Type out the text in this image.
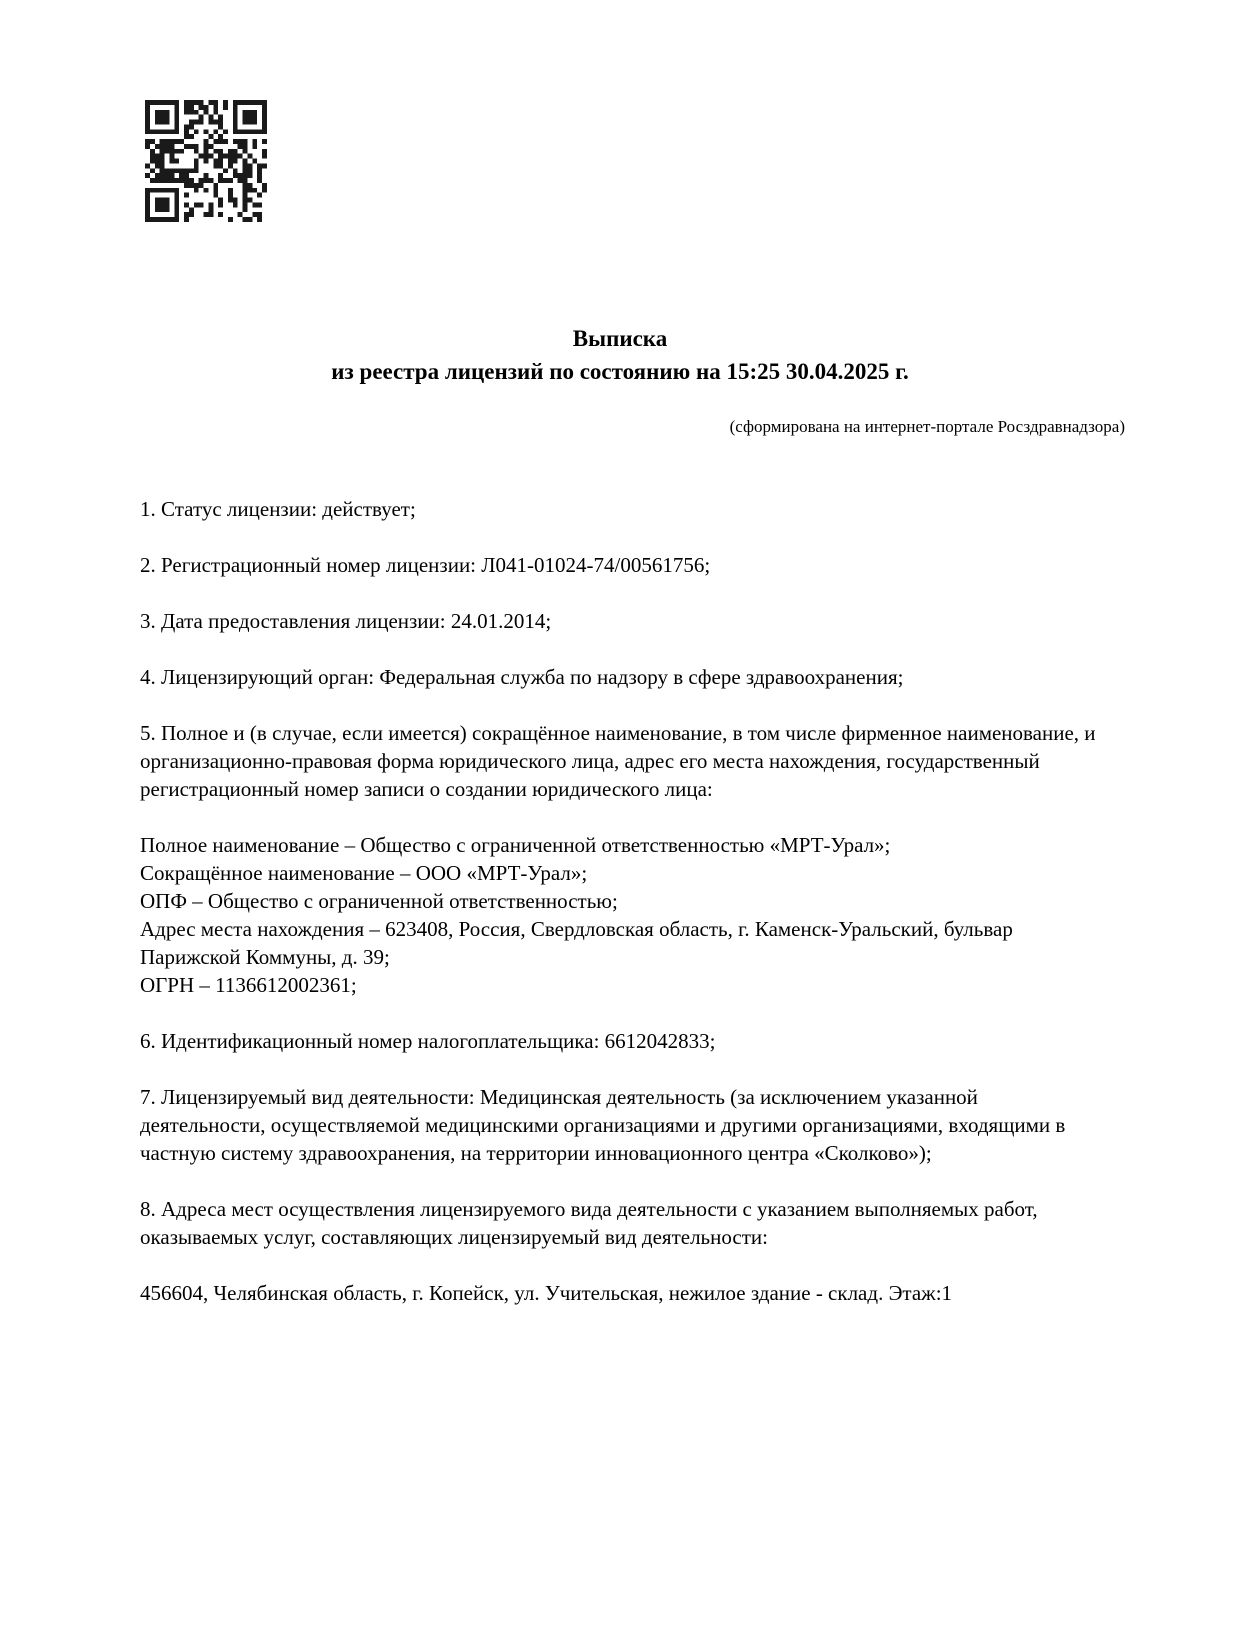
Выписка
из реестра лицензий по состоянию на 15:25 30.04.2025 г.
(сформирована на интернет-портале Росздравнадзора)

1. Статус лицензии: действует;

2. Регистрационный номер лицензии: Л041-01024-74/00561756;

3. Дата предоставления лицензии: 24.01.2014;

4. Лицензирующий орган: Федеральная служба по надзору в сфере здравоохранения;

5. Полное и (в случае, если имеется) сокращённое наименование, в том числе фирменное наименование, и организационно-правовая форма юридического лица, адрес его места нахождения, государственный регистрационный номер записи о создании юридического лица:

Полное наименование – Общество с ограниченной ответственностью «МРТ-Урал»;

Сокращённое наименование – ООО «МРТ-Урал»;

ОПФ – Общество с ограниченной ответственностью;

Адрес места нахождения – 623408, Россия, Свердловская область, г. Каменск-Уральский, бульвар Парижской Коммуны, д. 39;

ОГРН – 1136612002361;

6. Идентификационный номер налогоплательщика: 6612042833;

7. Лицензируемый вид деятельности: Медицинская деятельность (за исключением указанной деятельности, осуществляемой медицинскими организациями и другими организациями, входящими в частную систему здравоохранения, на территории инновационного центра «Сколково»);

8. Адреса мест осуществления лицензируемого вида деятельности с указанием выполняемых работ, оказываемых услуг, составляющих лицензируемый вид деятельности:

456604, Челябинская область, г. Копейск, ул. Учительская, нежилое здание - склад. Этаж:1
